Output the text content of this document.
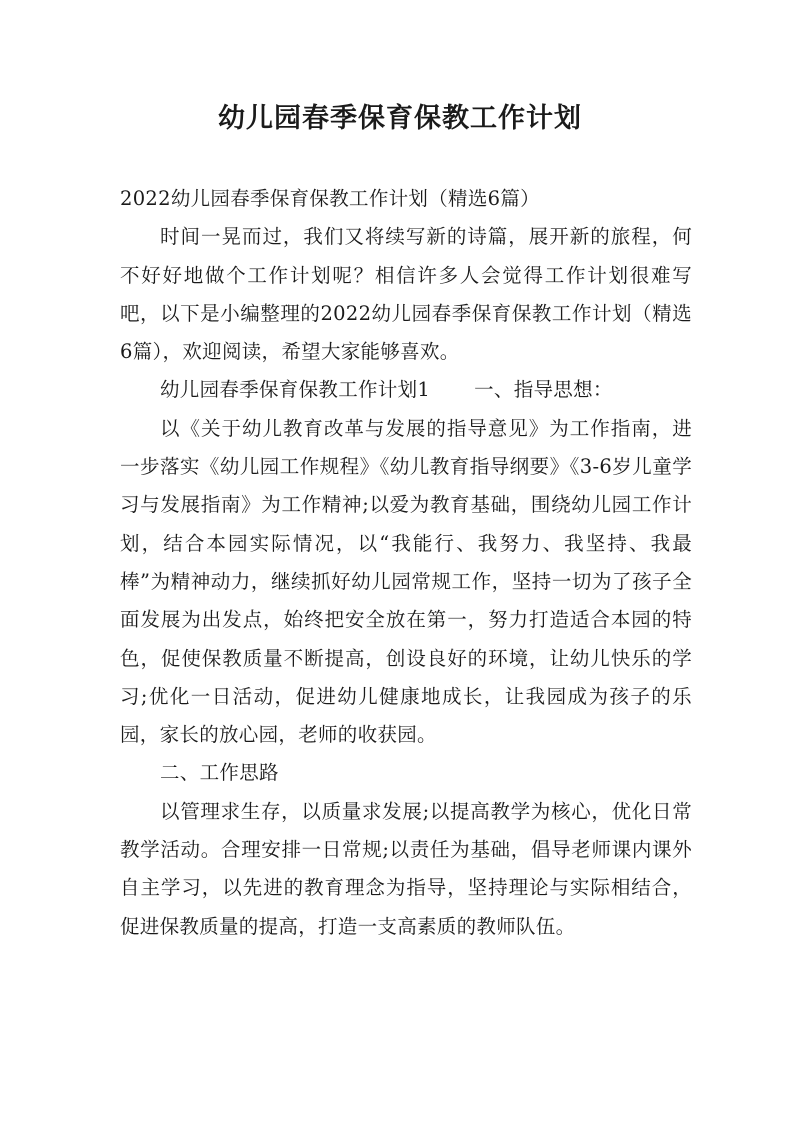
幼儿园春季保育保教工作计划

2022幼儿园春季保育保教工作计划（精选6篇）

时间一晃而过，我们又将续写新的诗篇，展开新的旅程，何不好好地做个工作计划呢？相信许多人会觉得工作计划很难写吧，以下是小编整理的2022幼儿园春季保育保教工作计划（精选6篇），欢迎阅读，希望大家能够喜欢。

幼儿园春季保育保教工作计划1 一、指导思想：

以《关于幼儿教育改革与发展的指导意见》为工作指南，进一步落实《幼儿园工作规程》《幼儿教育指导纲要》《3-6岁儿童学习与发展指南》为工作精神;以爱为教育基础，围绕幼儿园工作计划，结合本园实际情况，以“我能行、我努力、我坚持、我最棒”为精神动力，继续抓好幼儿园常规工作，坚持一切为了孩子全面发展为出发点，始终把安全放在第一，努力打造适合本园的特色，促使保教质量不断提高，创设良好的环境，让幼儿快乐的学习;优化一日活动，促进幼儿健康地成长，让我园成为孩子的乐园，家长的放心园，老师的收获园。

二、工作思路

以管理求生存，以质量求发展;以提高教学为核心，优化日常教学活动。合理安排一日常规;以责任为基础，倡导老师课内课外自主学习，以先进的教育理念为指导，坚持理论与实际相结合，促进保教质量的提高，打造一支高素质的教师队伍。
